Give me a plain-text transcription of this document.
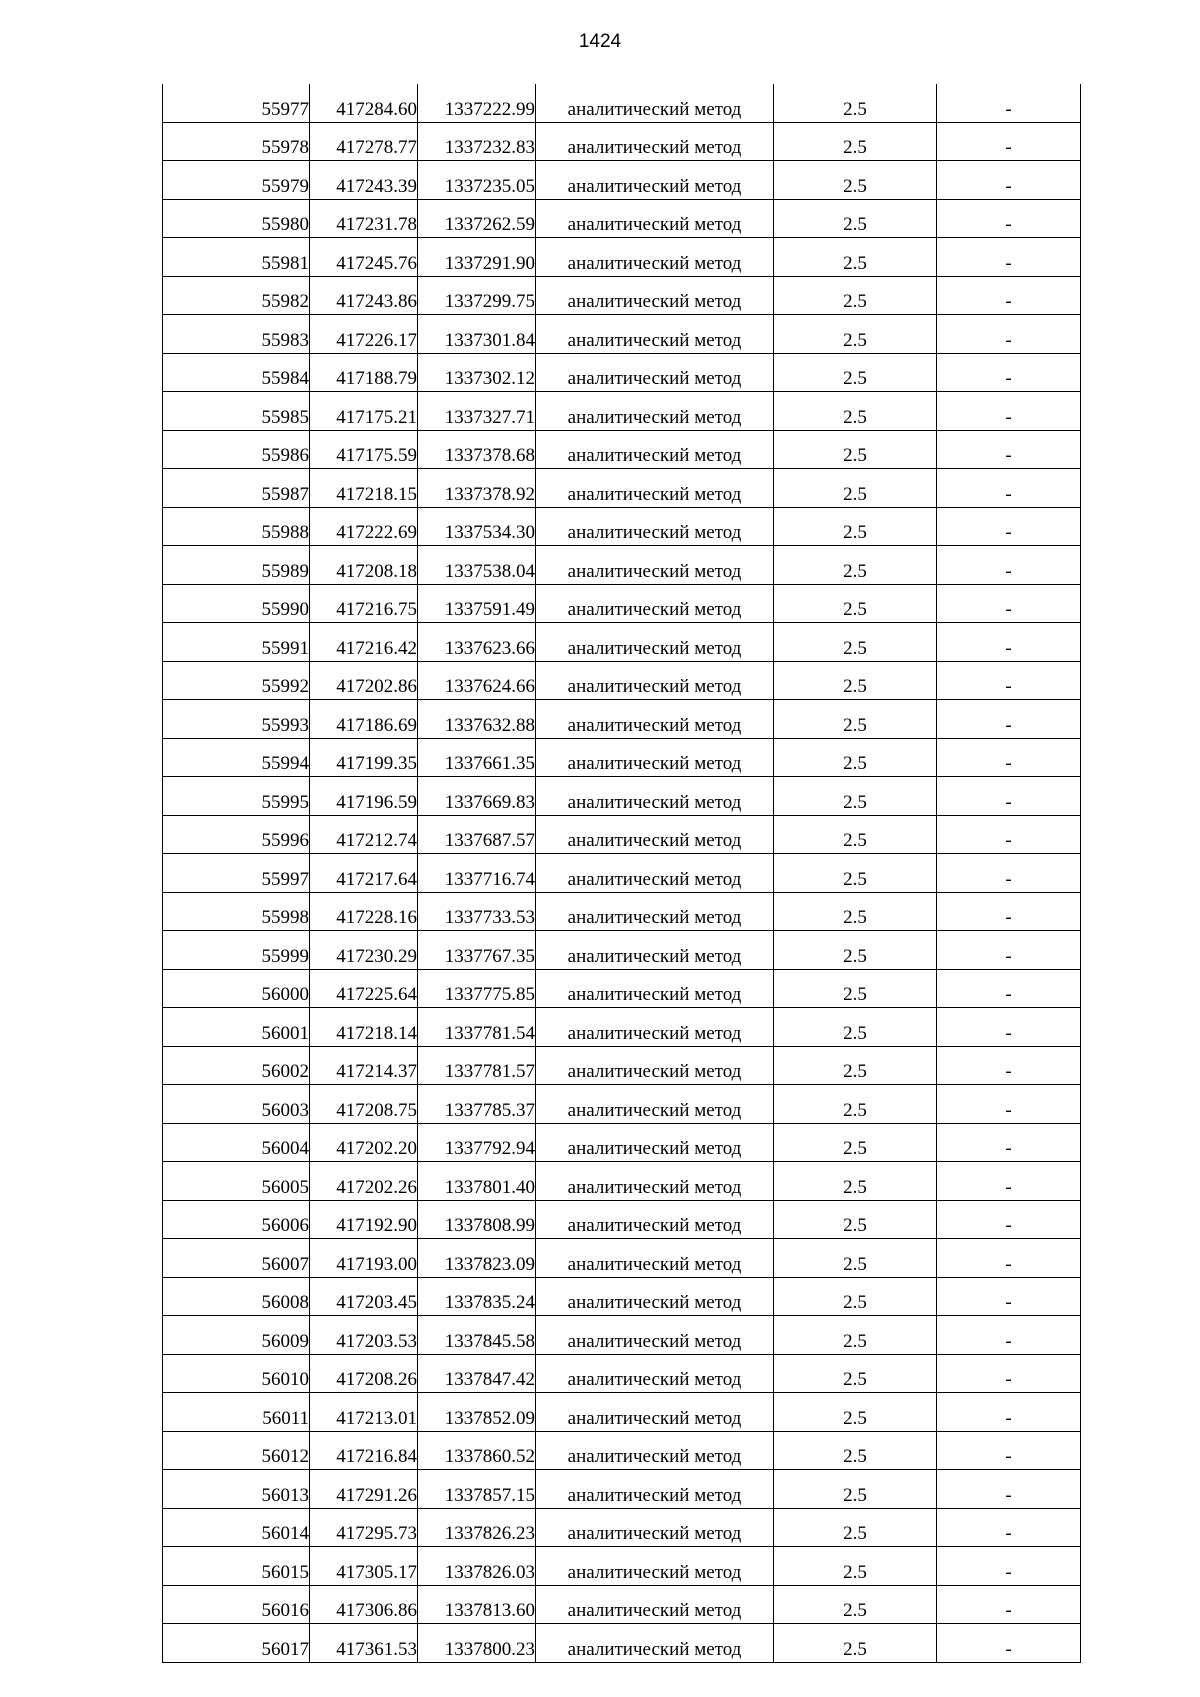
1424
55977	417284.60	1337222.99	аналитический метод	2.5	-
55978	417278.77	1337232.83	аналитический метод	2.5	-
55979	417243.39	1337235.05	аналитический метод	2.5	-
55980	417231.78	1337262.59	аналитический метод	2.5	-
55981	417245.76	1337291.90	аналитический метод	2.5	-
55982	417243.86	1337299.75	аналитический метод	2.5	-
55983	417226.17	1337301.84	аналитический метод	2.5	-
55984	417188.79	1337302.12	аналитический метод	2.5	-
55985	417175.21	1337327.71	аналитический метод	2.5	-
55986	417175.59	1337378.68	аналитический метод	2.5	-
55987	417218.15	1337378.92	аналитический метод	2.5	-
55988	417222.69	1337534.30	аналитический метод	2.5	-
55989	417208.18	1337538.04	аналитический метод	2.5	-
55990	417216.75	1337591.49	аналитический метод	2.5	-
55991	417216.42	1337623.66	аналитический метод	2.5	-
55992	417202.86	1337624.66	аналитический метод	2.5	-
55993	417186.69	1337632.88	аналитический метод	2.5	-
55994	417199.35	1337661.35	аналитический метод	2.5	-
55995	417196.59	1337669.83	аналитический метод	2.5	-
55996	417212.74	1337687.57	аналитический метод	2.5	-
55997	417217.64	1337716.74	аналитический метод	2.5	-
55998	417228.16	1337733.53	аналитический метод	2.5	-
55999	417230.29	1337767.35	аналитический метод	2.5	-
56000	417225.64	1337775.85	аналитический метод	2.5	-
56001	417218.14	1337781.54	аналитический метод	2.5	-
56002	417214.37	1337781.57	аналитический метод	2.5	-
56003	417208.75	1337785.37	аналитический метод	2.5	-
56004	417202.20	1337792.94	аналитический метод	2.5	-
56005	417202.26	1337801.40	аналитический метод	2.5	-
56006	417192.90	1337808.99	аналитический метод	2.5	-
56007	417193.00	1337823.09	аналитический метод	2.5	-
56008	417203.45	1337835.24	аналитический метод	2.5	-
56009	417203.53	1337845.58	аналитический метод	2.5	-
56010	417208.26	1337847.42	аналитический метод	2.5	-
56011	417213.01	1337852.09	аналитический метод	2.5	-
56012	417216.84	1337860.52	аналитический метод	2.5	-
56013	417291.26	1337857.15	аналитический метод	2.5	-
56014	417295.73	1337826.23	аналитический метод	2.5	-
56015	417305.17	1337826.03	аналитический метод	2.5	-
56016	417306.86	1337813.60	аналитический метод	2.5	-
56017	417361.53	1337800.23	аналитический метод	2.5	-
